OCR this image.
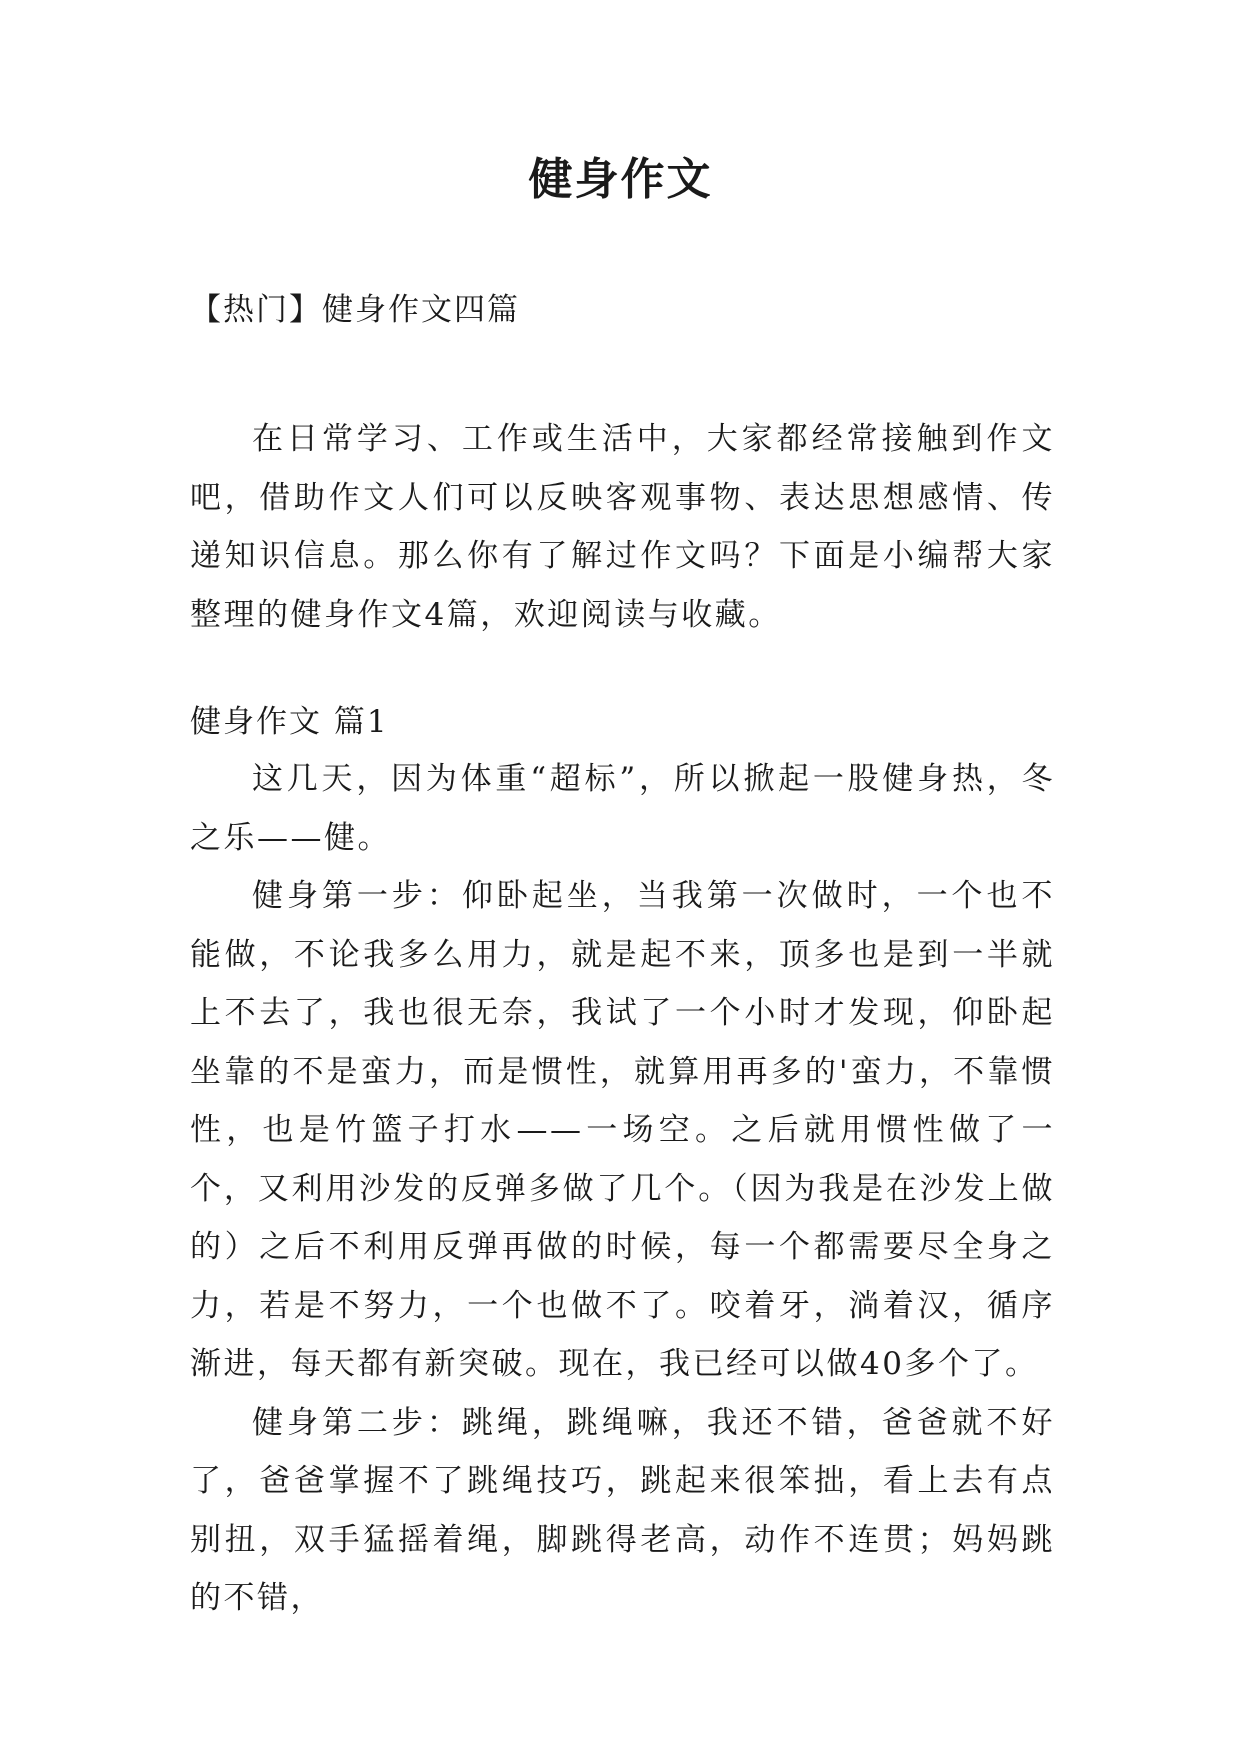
健身作文
【热门】健身作文四篇

在日常学习、工作或生活中，大家都经常接触到作文吧，借助作文人们可以反映客观事物、表达思想感情、传递知识信息。那么你有了解过作文吗？下面是小编帮大家整理的健身作文4篇，欢迎阅读与收藏。

健身作文 篇1

这几天，因为体重“超标”，所以掀起一股健身热，冬之乐——健。

健身第一步：仰卧起坐，当我第一次做时，一个也不能做，不论我多么用力，就是起不来，顶多也是到一半就上不去了，我也很无奈，我试了一个小时才发现，仰卧起坐靠的不是蛮力，而是惯性，就算用再多的'蛮力，不靠惯性，也是竹篮子打水——一场空。之后就用惯性做了一个，又利用沙发的反弹多做了几个。（因为我是在沙发上做的）之后不利用反弹再做的时候，每一个都需要尽全身之力，若是不努力，一个也做不了。咬着牙，淌着汉，循序渐进，每天都有新突破。现在，我已经可以做40多个了。

健身第二步：跳绳，跳绳嘛，我还不错，爸爸就不好了，爸爸掌握不了跳绳技巧，跳起来很笨拙，看上去有点别扭，双手猛摇着绳，脚跳得老高，动作不连贯；妈妈跳的不错，
